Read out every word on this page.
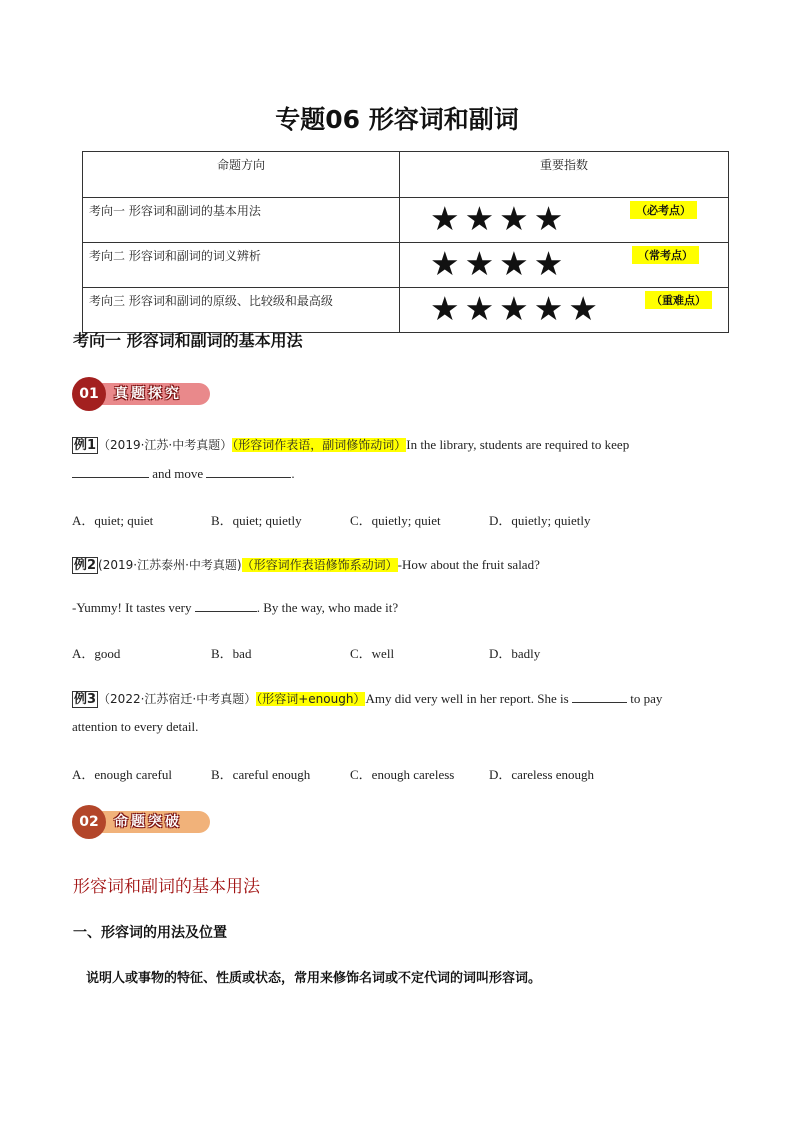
专题06 形容词和副词
命题方向	重要指数
考向一 形容词和副词的基本用法	★★★★ （必考点）

考向二 形容词和副词的词义辨析	★★★★ （常考点）

考向三 形容词和副词的原级、比较级和最高级	★★★★★ （重难点）
考向一 形容词和副词的基本用法
真题探究
01
例1 （2019·江苏·中考真题）（形容词作表语，副词修饰动词）In the library, students are required to keep
and move	.
A．quiet; quiet	B．quiet; quietly	C．quietly; quiet	D．quietly; quietly
例2 (2019·江苏泰州·中考真题)（形容词作表语修饰系动词）-How about the fruit salad?
-Yummy! It tastes very	. By the way, who made it?
A．good	B．bad	C．well	D．badly
例3 （2022·江苏宿迁·中考真题）（形容词+enough）Amy did very well in her report. She is	to pay
attention to every detail.
A．enough careful	B．careful enough	C．enough careless	D．careless enough
命题突破
02
形容词和副词的基本用法
一、形容词的用法及位置
说明人或事物的特征、性质或状态，常用来修饰名词或不定代词的词叫形容词。
